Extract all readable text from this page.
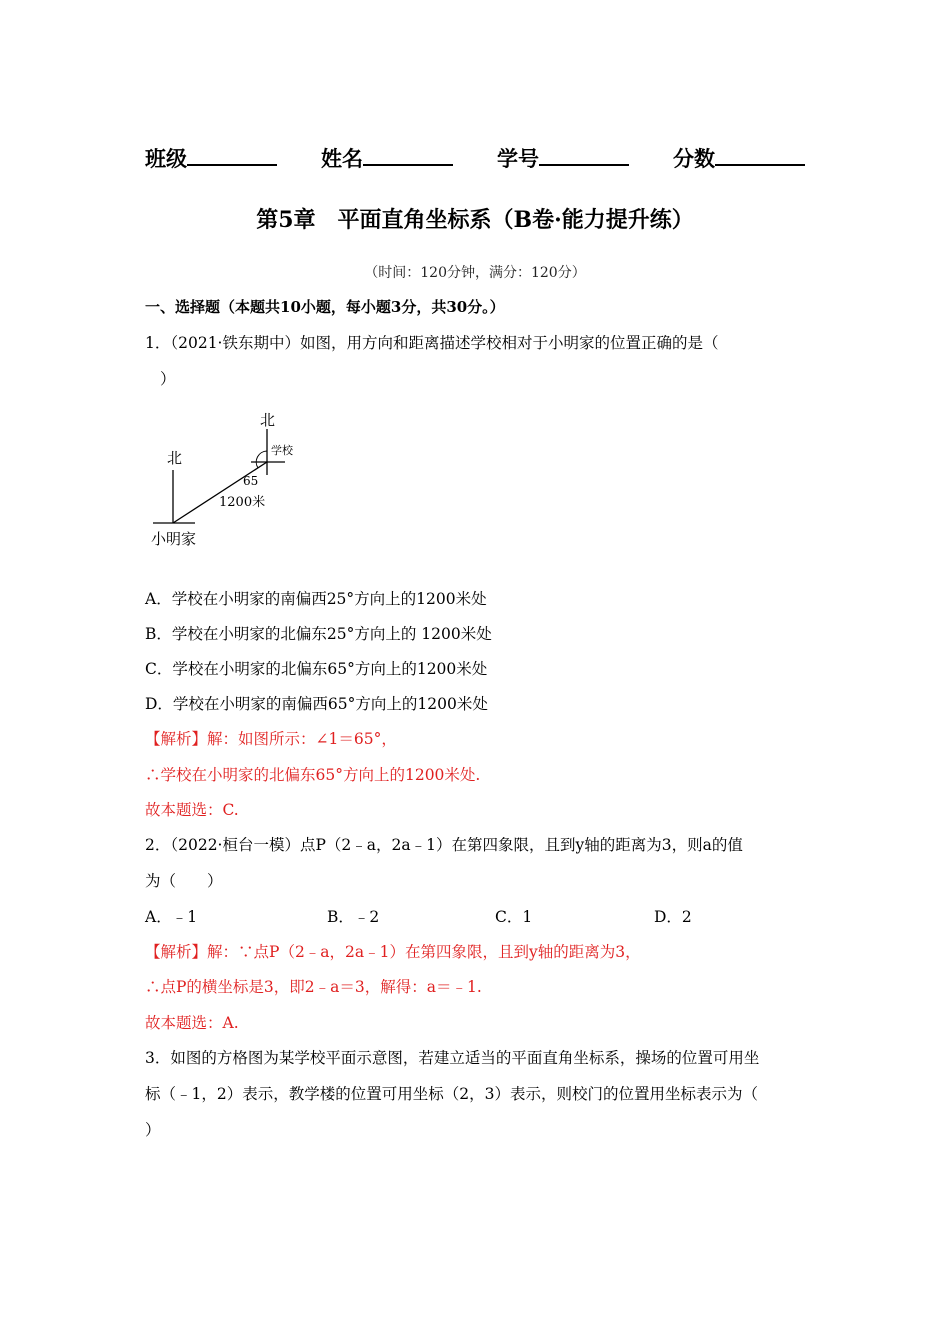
班级	姓名	学号	分数
第5章　平面直角坐标系（B卷·能力提升练）
（时间：120分钟，满分：120分）
一、选择题（本题共10小题，每小题3分，共30分。）
1．（2021·铁东期中）如图，用方向和距离描述学校相对于小明家的位置正确的是（
）
北
北
学校
65
1200米
小明家
A．学校在小明家的南偏西25°方向上的1200米处
B．学校在小明家的北偏东25°方向上的 1200米处
C．学校在小明家的北偏东65°方向上的1200米处
D．学校在小明家的南偏西65°方向上的1200米处
【解析】解：如图所示：∠1＝65°，
∴学校在小明家的北偏东65°方向上的1200米处.
故本题选：C.
2．（2022·桓台一模）点P（2﹣a，2a﹣1）在第四象限，且到y轴的距离为3，则a的值
为（　　）
A．﹣1	B．﹣2	C．1	D．2
【解析】解：∵点P（2﹣a，2a﹣1）在第四象限，且到y轴的距离为3，
∴点P的横坐标是3，即2﹣a＝3，解得：a＝﹣1.
故本题选：A.
3．如图的方格图为某学校平面示意图，若建立适当的平面直角坐标系，操场的位置可用坐
标（﹣1，2）表示，教学楼的位置可用坐标（2，3）表示，则校门的位置用坐标表示为（
）
